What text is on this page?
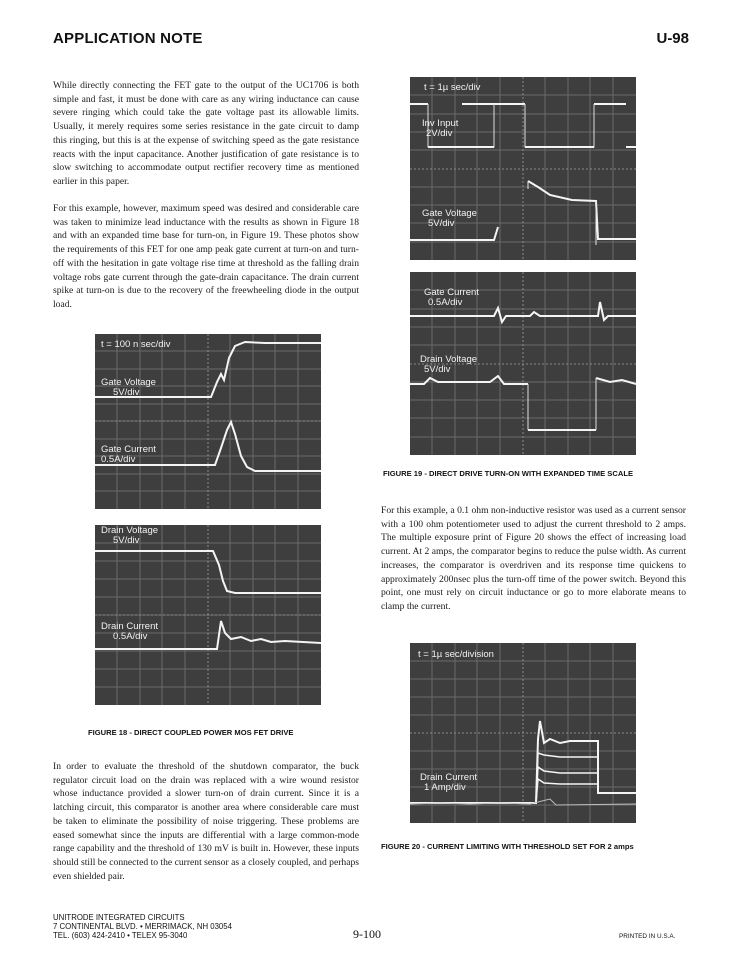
APPLICATION NOTE	U-98

While directly connecting the FET gate to the output of the UC1706 is both simple and fast, it must be done with care as any wiring inductance can cause severe ringing which could take the gate voltage past its allowable limits. Usually, it merely requires some series resistance in the gate circuit to damp this ringing, but this is at the expense of switching speed as the gate resistance reacts with the input capacitance. Another justification of gate resistance is to slow switching to accommodate output rectifier recovery time as mentioned earlier in this paper.

For this example, however, maximum speed was desired and considerable care was taken to minimize lead inductance with the results as shown in Figure 18 and with an expanded time base for turn-on, in Figure 19. These photos show the requirements of this FET for one amp peak gate current at turn-on and turn-off with the hesitation in gate voltage rise time at threshold as the falling drain voltage robs gate current through the gate-drain capacitance. The drain current spike at turn-on is due to the recovery of the freewheeling diode in the output load.

t = 100 n sec/div
Gate Voltage
5V/div
Gate Current
0.5A/div
Drain Voltage
5V/div
Drain Current
0.5A/div
FIGURE 18 - DIRECT COUPLED POWER MOS FET DRIVE

In order to evaluate the threshold of the shutdown comparator, the buck regulator circuit load on the drain was replaced with a wire wound resistor whose inductance provided a slower turn-on of drain current. Since it is a latching circuit, this comparator is another area where considerable care must be taken to eliminate the possibility of noise triggering. These problems are eased somewhat since the inputs are differential with a large common-mode range capability and the threshold of 130 mV is built in. However, these inputs should still be connected to the current sensor as a closely coupled, and perhaps even shielded pair.

t = 1µ sec/div
Inv Input
2V/div
Gate Voltage
5V/div
Gate Current
0.5A/div
Drain Voltage
5V/div
FIGURE 19 - DIRECT DRIVE TURN-ON WITH EXPANDED TIME SCALE

For this example, a 0.1 ohm non-inductive resistor was used as a current sensor with a 100 ohm potentiometer used to adjust the current threshold to 2 amps. The multiple exposure print of Figure 20 shows the effect of increasing load current. At 2 amps, the comparator begins to reduce the pulse width. As current increases, the comparator is overdriven and its response time quickens to approximately 200nsec plus the turn-off time of the power switch. Beyond this point, one must rely on circuit inductance or go to more elaborate means to clamp the current.

t = 1µ sec/division
Drain Current
1 Amp/div
FIGURE 20 - CURRENT LIMITING WITH THRESHOLD SET FOR 2 amps
UNITRODE INTEGRATED CIRCUITS
7 CONTINENTAL BLVD. • MERRIMACK, NH 03054
TEL. (603) 424-2410 • TELEX 95-3040	9-100	PRINTED IN U.S.A.
